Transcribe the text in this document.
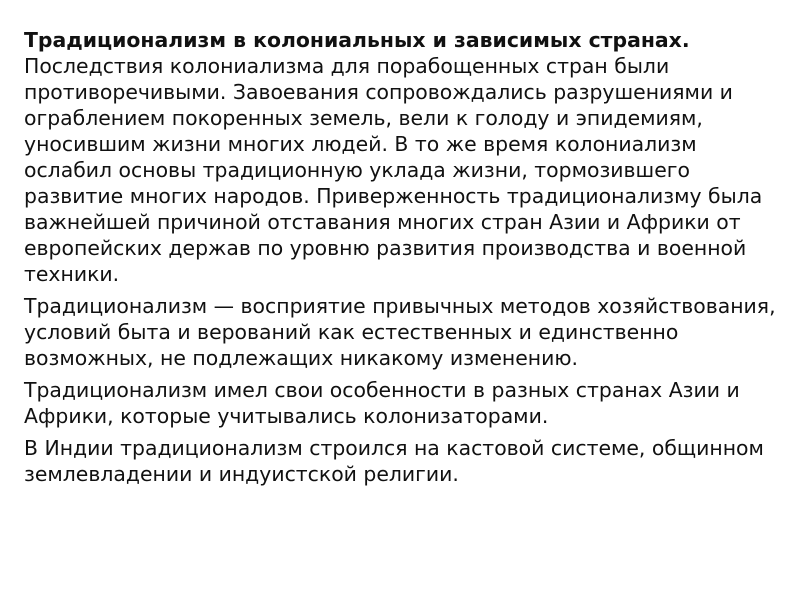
Традиционализм в колониальных и зависимых странах.
Последствия колониализма для порабощенных стран были противоречивыми. Завоевания сопровождались разрушениями и ограблением покоренных земель, вели к голоду и эпидемиям, уносившим жизни многих людей. В то же время колониализм ослабил основы традиционную уклада жизни, тормозившего развитие многих народов. Приверженность традиционализму была важнейшей причиной отставания многих стран Азии и Африки от европейских держав по уровню развития производства и военной техники.

Традиционализм — восприятие привычных методов хозяйствования, условий быта и верований как естественных и единственно возможных, не подлежащих никакому изменению.

Традиционализм имел свои особенности в разных странах Азии и Африки, которые учитывались колонизаторами.

В Индии традиционализм строился на кастовой системе, общинном землевладении и индуистской религии.
